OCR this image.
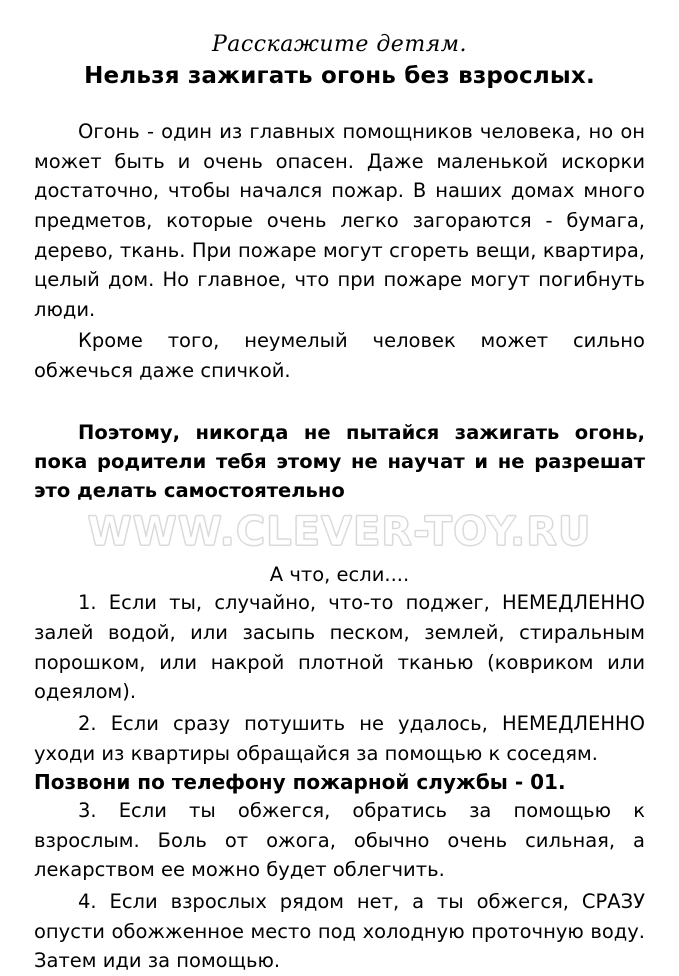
Расскажите детям.
Нельзя зажигать огонь без взрослых.

Огонь - один из главных помощников человека, но он может быть и очень опасен. Даже маленькой искорки достаточно, чтобы начался пожар. В наших домах много предметов, которые очень легко загораются - бумага, дерево, ткань. При пожаре могут сгореть вещи, квартира, целый дом. Но главное, что при пожаре могут погибнуть люди.

Кроме того, неумелый человек может сильно обжечься даже спичкой.

Поэтому, никогда не пытайся зажигать огонь, пока родители тебя этому не научат и не разрешат это делать самостоятельно

WWW.CLEVER-TOY.RU
А что, если....

1. Если ты, случайно, что-то поджег, НЕМЕДЛЕННО залей водой, или засыпь песком, землей, стиральным порошком, или накрой плотной тканью (ковриком или одеялом).

2. Если сразу потушить не удалось, НЕМЕДЛЕННО уходи из квартиры обращайся за помощью к соседям.

Позвони по телефону пожарной службы - 01.

3. Если ты обжегся, обратись за помощью к взрослым. Боль от ожога, обычно очень сильная, а лекарством ее можно будет облегчить.

4. Если взрослых рядом нет, а ты обжегся, СРАЗУ опусти обожженное место под холодную проточную воду. Затем иди за помощью.
